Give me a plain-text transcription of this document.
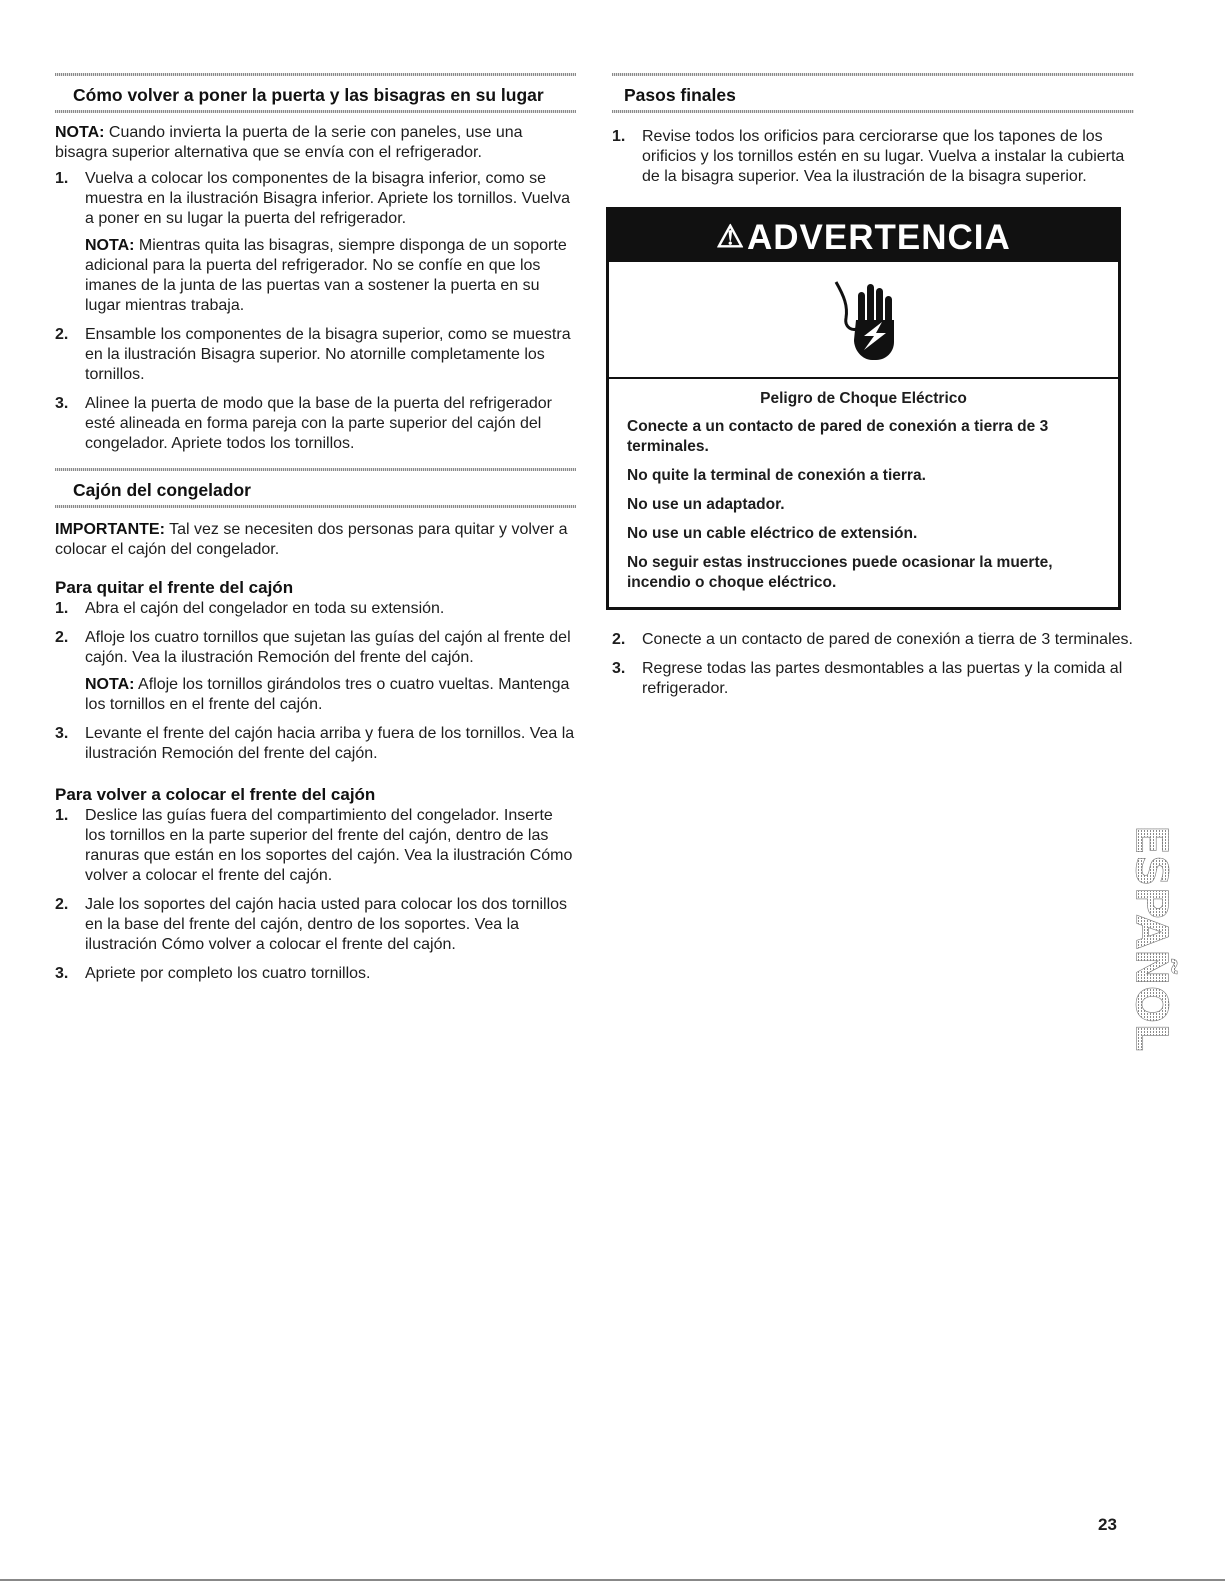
Cómo volver a poner la puerta y las bisagras en su lugar

NOTA: Cuando invierta la puerta de la serie con paneles, use una bisagra superior alternativa que se envía con el refrigerador.

1. Vuelva a colocar los componentes de la bisagra inferior, como se muestra en la ilustración Bisagra inferior. Apriete los tornillos. Vuelva a poner en su lugar la puerta del refrigerador.

NOTA: Mientras quita las bisagras, siempre disponga de un soporte adicional para la puerta del refrigerador. No se confíe en que los imanes de la junta de las puertas van a sostener la puerta en su lugar mientras trabaja.

2. Ensamble los componentes de la bisagra superior, como se muestra en la ilustración Bisagra superior. No atornille completamente los tornillos.
3. Alinee la puerta de modo que la base de la puerta del refrigerador esté alineada en forma pareja con la parte superior del cajón del congelador. Apriete todos los tornillos.
Cajón del congelador

IMPORTANTE: Tal vez se necesiten dos personas para quitar y volver a colocar el cajón del congelador.

Para quitar el frente del cajón
1. Abra el cajón del congelador en toda su extensión.
2. Afloje los cuatro tornillos que sujetan las guías del cajón al frente del cajón. Vea la ilustración Remoción del frente del cajón.

NOTA: Afloje los tornillos girándolos tres o cuatro vueltas. Mantenga los tornillos en el frente del cajón.

3. Levante el frente del cajón hacia arriba y fuera de los tornillos. Vea la ilustración Remoción del frente del cajón.
Para volver a colocar el frente del cajón
1. Deslice las guías fuera del compartimiento del congelador. Inserte los tornillos en la parte superior del frente del cajón, dentro de las ranuras que están en los soportes del cajón. Vea la ilustración Cómo volver a colocar el frente del cajón.
2. Jale los soportes del cajón hacia usted para colocar los dos tornillos en la base del frente del cajón, dentro de los soportes. Vea la ilustración Cómo volver a colocar el frente del cajón.
3. Apriete por completo los cuatro tornillos.
Pasos finales
1. Revise todos los orificios para cerciorarse que los tapones de los orificios y los tornillos estén en su lugar. Vuelva a instalar la cubierta de la bisagra superior. Vea la ilustración de la bisagra superior.
⚠ADVERTENCIA
Peligro de Choque Eléctrico
Conecte a un contacto de pared de conexión a tierra de 3 terminales.
No quite la terminal de conexión a tierra.
No use un adaptador.
No use un cable eléctrico de extensión.
No seguir estas instrucciones puede ocasionar la muerte, incendio o choque eléctrico.
2. Conecte a un contacto de pared de conexión a tierra de 3 terminales.
3. Regrese todas las partes desmontables a las puertas y la comida al refrigerador.
ESPAÑOL
23
